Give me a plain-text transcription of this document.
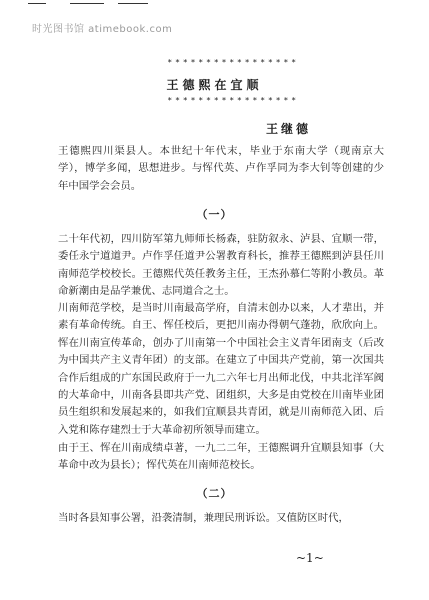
时光图书馆 atimebook.com
* * * * * * * * * * * * * * * * *
王德熙在宜顺
* * * * * * * * * * * * * * * * *
王继德

王德熙四川渠县人。本世纪十年代末，毕业于东南大学（现南京大学），博学多闻，思想进步。与恽代英、卢作孚同为李大钊等创建的少年中国学会会员。

（一）

二十年代初，四川防军第九师师长杨森，驻防叙永、泸县、宜顺一带，委任永宁道道尹。卢作孚任道尹公署教育科长，推荐王德熙到泸县任川南师范学校校长。王德熙代英任教务主任，王杰孙慕仁等附小教员。革命新潮由是品学兼优、志同道合之士。

川南师范学校，是当时川南最高学府，自清末创办以来，人才辈出，并素有革命传统。自王、恽任校后，更把川南办得朝气蓬勃，欣欣向上。恽在川南宣传革命，创办了川南第一个中国社会主义青年团南支（后改为中国共产主义青年团）的支部。在建立了中国共产党前，第一次国共合作后组成的广东国民政府于一九二六年七月出师北伐，中共北洋军阀的大革命中，川南各县即共产党、团组织，大多是由党校在川南毕业团员生组织和发展起来的，如我们宜顺县共青团，就是川南师范入团、后入党和陈存建烈士于大革命初所领导而建立。

由于王、恽在川南成绩卓著，一九二二年，王德熙调升宜顺县知事（大革命中改为县长）；恽代英在川南师范校长。

（二）

当时各县知事公署，沿袭清制，兼理民刑诉讼。又值防区时代，

~1~
